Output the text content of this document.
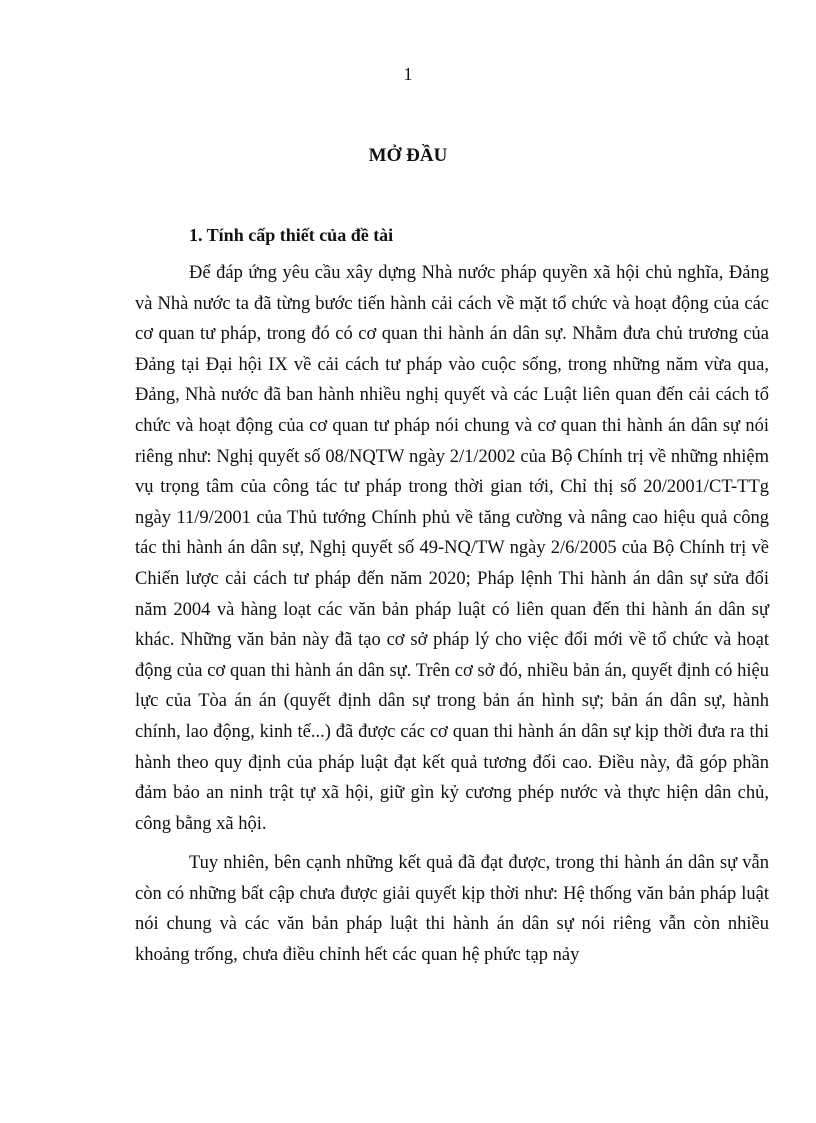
1
MỞ ĐẦU
1. Tính cấp thiết của đề tài

Để đáp ứng yêu cầu xây dựng Nhà nước pháp quyền xã hội chủ nghĩa, Đảng và Nhà nước ta đã từng bước tiến hành cải cách về mặt tổ chức và hoạt động của các cơ quan tư pháp, trong đó có cơ quan thi hành án dân sự. Nhằm đưa chủ trương của Đảng tại Đại hội IX về cải cách tư pháp vào cuộc sống, trong những năm vừa qua, Đảng, Nhà nước đã ban hành nhiều nghị quyết và các Luật liên quan đến cải cách tổ chức và hoạt động của cơ quan tư pháp nói chung và cơ quan thi hành án dân sự nói riêng như: Nghị quyết số 08/NQTW ngày 2/1/2002 của Bộ Chính trị về những nhiệm vụ trọng tâm của công tác tư pháp trong thời gian tới, Chỉ thị số 20/2001/CT-TTg ngày 11/9/2001 của Thủ tướng Chính phủ về tăng cường và nâng cao hiệu quả công tác thi hành án dân sự, Nghị quyết số 49-NQ/TW ngày 2/6/2005 của Bộ Chính trị về Chiến lược cải cách tư pháp đến năm 2020; Pháp lệnh Thi hành án dân sự sửa đổi năm 2004 và hàng loạt các văn bản pháp luật có liên quan đến thi hành án dân sự khác. Những văn bản này đã tạo cơ sở pháp lý cho việc đổi mới về tổ chức và hoạt động của cơ quan thi hành án dân sự. Trên cơ sở đó, nhiều bản án, quyết định có hiệu lực của Tòa án án (quyết định dân sự trong bản án hình sự; bản án dân sự, hành chính, lao động, kinh tế...) đã được các cơ quan thi hành án dân sự kịp thời đưa ra thi hành theo quy định của pháp luật đạt kết quả tương đối cao. Điều này, đã góp phần đảm bảo an ninh trật tự xã hội, giữ gìn kỷ cương phép nước và thực hiện dân chủ, công bằng xã hội.

Tuy nhiên, bên cạnh những kết quả đã đạt được, trong thi hành án dân sự vẫn còn có những bất cập chưa được giải quyết kịp thời như: Hệ thống văn bản pháp luật nói chung và các văn bản pháp luật thi hành án dân sự nói riêng vẫn còn nhiều khoảng trống, chưa điều chỉnh hết các quan hệ phức tạp nảy
